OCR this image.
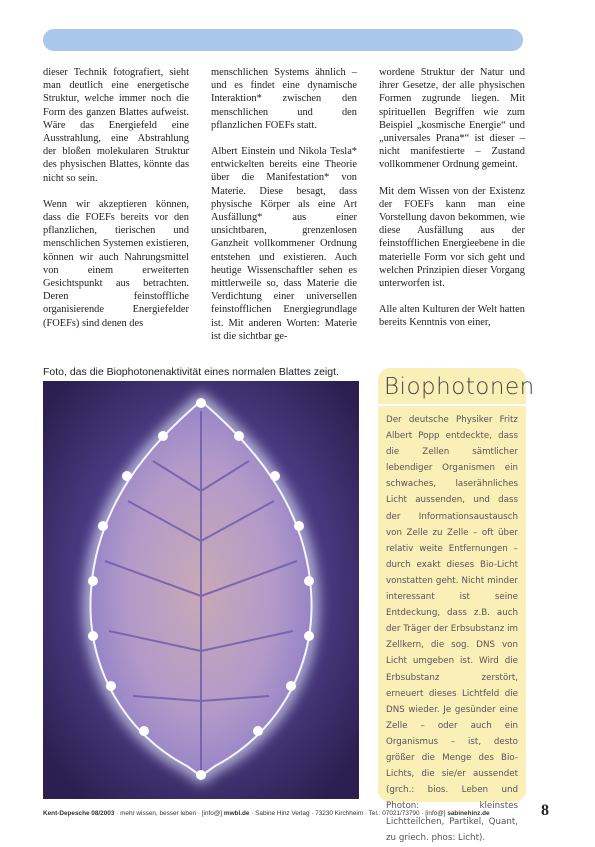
dieser Technik fotografiert, sieht man deutlich eine energetische Struktur, welche immer noch die Form des ganzen Blattes aufweist. Wäre das Energiefeld eine Ausstrahlung, eine Abstrahlung der bloßen molekularen Struktur des physischen Blattes, könnte das nicht so sein.

Wenn wir akzeptieren können, dass die FOEFs bereits vor den pflanzlichen, tierischen und menschlichen Systemen existieren, können wir auch Nahrungsmittel von einem erweiterten Gesichtspunkt aus betrachten. Deren feinstoffliche organisierende Energiefelder (FOEFs) sind denen des

menschlichen Systems ähnlich – und es findet eine dynamische Interaktion* zwischen den menschlichen und den pflanzlichen FOEFs statt.

Albert Einstein und Nikola Tesla* entwickelten bereits eine Theorie über die Manifestation* von Materie. Diese besagt, dass physische Körper als eine Art Ausfällung* aus einer unsichtbaren, grenzenlosen Ganzheit vollkommener Ordnung entstehen und existieren. Auch heutige Wissenschaftler sehen es mittlerweile so, dass Materie die Verdichtung einer universellen feinstofflichen Energiegrundlage ist. Mit anderen Worten: Materie ist die sichtbar ge-

wordene Struktur der Natur und ihrer Gesetze, der alle physischen Formen zugrunde liegen. Mit spirituellen Begriffen wie zum Beispiel „kosmische Energie“ und „universales Prana*“ ist dieser – nicht manifestierte – Zustand vollkommener Ordnung gemeint.

Mit dem Wissen von der Existenz der FOEFs kann man eine Vorstellung davon bekommen, wie diese Ausfällung aus der feinstofflichen Energieebene in die materielle Form vor sich geht und welchen Prinzipien dieser Vorgang unterworfen ist.

Alle alten Kulturen der Welt hatten bereits Kenntnis von einer,

Foto, das die Biophotonenaktivität eines normalen Blattes zeigt.
Biophotonen
Der deutsche Physiker Fritz Albert Popp entdeckte, dass die Zellen sämtlicher lebendiger Organismen ein schwaches, laserähnliches Licht aussenden, und dass der Informationsaustausch von Zelle zu Zelle – oft über relativ weite Entfernungen – durch exakt dieses Bio-Licht vonstatten geht. Nicht minder interessant ist seine Entdeckung, dass z.B. auch der Träger der Erbsubstanz im Zellkern, die sog. DNS von Licht umgeben ist. Wird die Erbsubstanz zerstört, erneuert dieses Lichtfeld die DNS wieder. Je gesünder eine Zelle – oder auch ein Organismus – ist, desto größer die Menge des Bio-Lichts, die sie/er aussendet (grch.: bios. Leben und Photon: kleinstes Lichtteilchen, Partikel, Quant, zu griech. phos: Licht).
Kent-Depesche 08/2003 · mehr wissen, besser leben · [info@] mwbl.de · Sabine Hinz Verlag · 73230 Kirchheim · Tel.: 07021/73790 · [info@] sabinehinz.de	8
